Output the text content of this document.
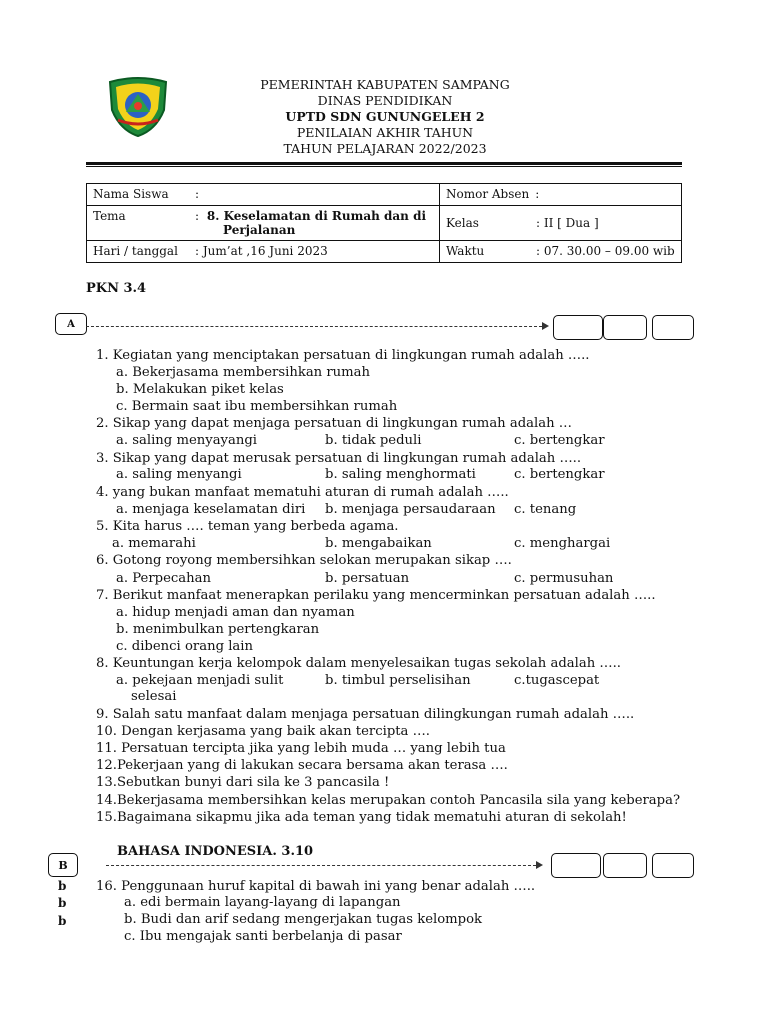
PEMERINTAH KABUPATEN SAMPANG
DINAS PENDIDIKAN
UPTD SDN GUNUNGELEH 2
PENILAIAN AKHIR TAHUN
TAHUN PELAJARAN 2022/2023
Nama Siswa :	Nomor Absen :
Tema : 8. Keselamatan di Rumah dan di
Perjalanan	Kelas : II [ Dua ]
Hari / tanggal : Jum’at ,16 Juni 2023	Waktu : 07. 30.00 – 09.00 wib
PKN 3.4
A
1. Kegiatan yang menciptakan persatuan di lingkungan rumah adalah …..
a. Bekerjasama membersihkan rumah
b. Melakukan piket kelas
c. Bermain saat ibu membersihkan rumah
2. Sikap yang dapat menjaga persatuan di lingkungan rumah adalah …
a. saling menyayangi	b. tidak peduli	c. bertengkar
3. Sikap yang dapat merusak persatuan di lingkungan rumah adalah …..
a. saling menyangi	b. saling menghormati	c. bertengkar
4. yang bukan manfaat mematuhi aturan di rumah adalah …..
a. menjaga keselamatan diri b. menjaga persaudaraan c. tenang
5. Kita harus …. teman yang berbeda agama.
a. memarahi	b. mengabaikan	c. menghargai
6. Gotong royong membersihkan selokan merupakan sikap ….
a. Perpecahan	b. persatuan	c. permusuhan
7. Berikut manfaat menerapkan perilaku yang mencerminkan persatuan adalah …..
a. hidup menjadi aman dan nyaman
b. menimbulkan pertengkaran
c. dibenci orang lain
8. Keuntungan kerja kelompok dalam menyelesaikan tugas sekolah adalah …..
a. pekejaan menjadi sulit	b. timbul perselisihan	c.tugascepat
selesai
9. Salah satu manfaat dalam menjaga persatuan dilingkungan rumah adalah …..
10. Dengan kerjasama yang baik akan tercipta ….
11. Persatuan tercipta jika yang lebih muda … yang lebih tua
12.Pekerjaan yang di lakukan secara bersama akan terasa ….
13.Sebutkan bunyi dari sila ke 3 pancasila !
14.Bekerjasama membersihkan kelas merupakan contoh Pancasila sila yang keberapa?
15.Bagaimana sikapmu jika ada teman yang tidak mematuhi aturan di sekolah!
BAHASA INDONESIA. 3.10
B
b
b
b
16. Penggunaan huruf kapital di bawah ini yang benar adalah …..
a. edi bermain layang-layang di lapangan
b. Budi dan arif sedang mengerjakan tugas kelompok
c. Ibu mengajak santi berbelanja di pasar
